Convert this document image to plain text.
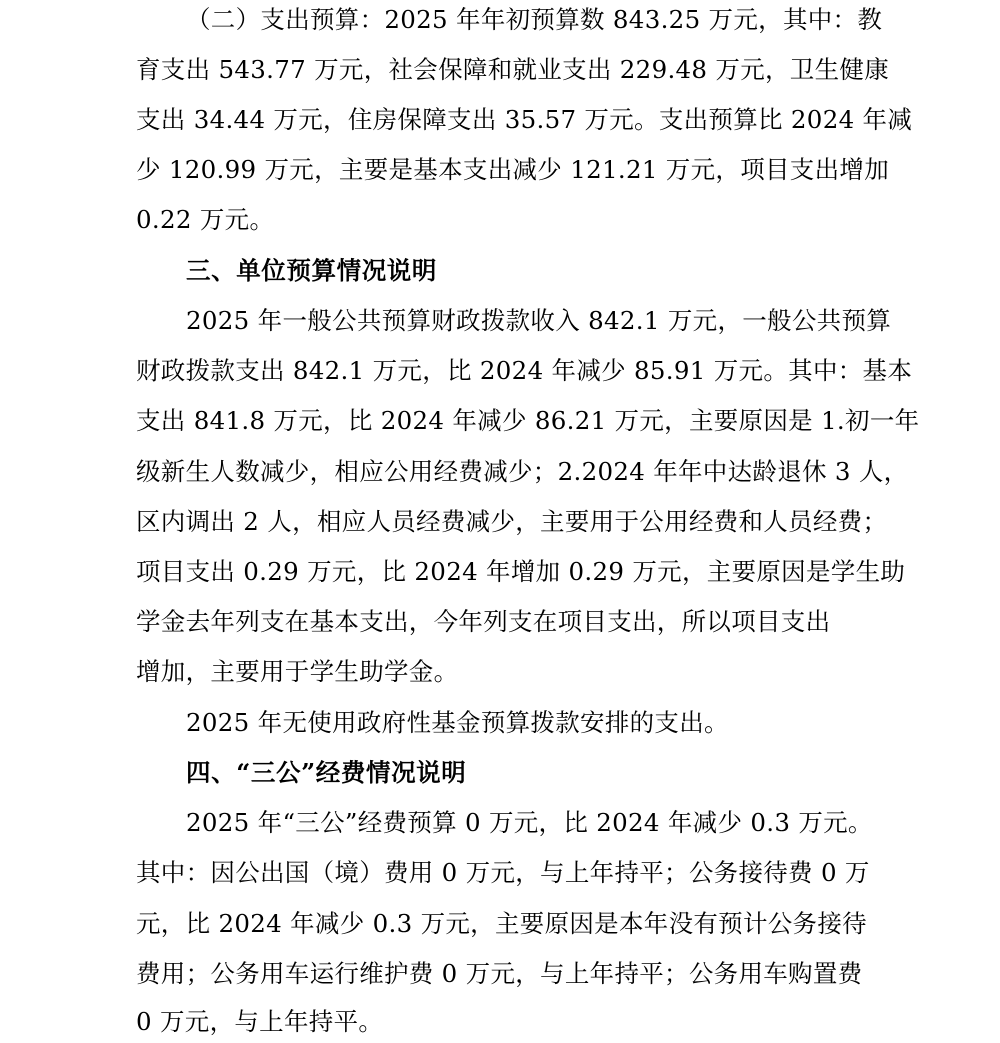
（二）支出预算：2025 年年初预算数 843.25 万元，其中：教
育支出 543.77 万元，社会保障和就业支出 229.48 万元，卫生健康
支出 34.44 万元，住房保障支出 35.57 万元。支出预算比 2024 年减
少 120.99 万元，主要是基本支出减少 121.21 万元，项目支出增加
0.22 万元。
三、单位预算情况说明
2025 年一般公共预算财政拨款收入 842.1 万元，一般公共预算
财政拨款支出 842.1 万元，比 2024 年减少 85.91 万元。其中：基本
支出 841.8 万元，比 2024 年减少 86.21 万元，主要原因是 1.初一年
级新生人数减少，相应公用经费减少；2.2024 年年中达龄退休 3 人，
区内调出 2 人，相应人员经费减少，主要用于公用经费和人员经费；
项目支出 0.29 万元，比 2024 年增加 0.29 万元，主要原因是学生助
学金去年列支在基本支出，今年列支在项目支出，所以项目支出
增加，主要用于学生助学金。
2025 年无使用政府性基金预算拨款安排的支出。
四、“三公”经费情况说明
2025 年“三公”经费预算 0 万元，比 2024 年减少 0.3 万元。
其中：因公出国（境）费用 0 万元，与上年持平；公务接待费 0 万
元，比 2024 年减少 0.3 万元，主要原因是本年没有预计公务接待
费用；公务用车运行维护费 0 万元，与上年持平；公务用车购置费
0 万元，与上年持平。
